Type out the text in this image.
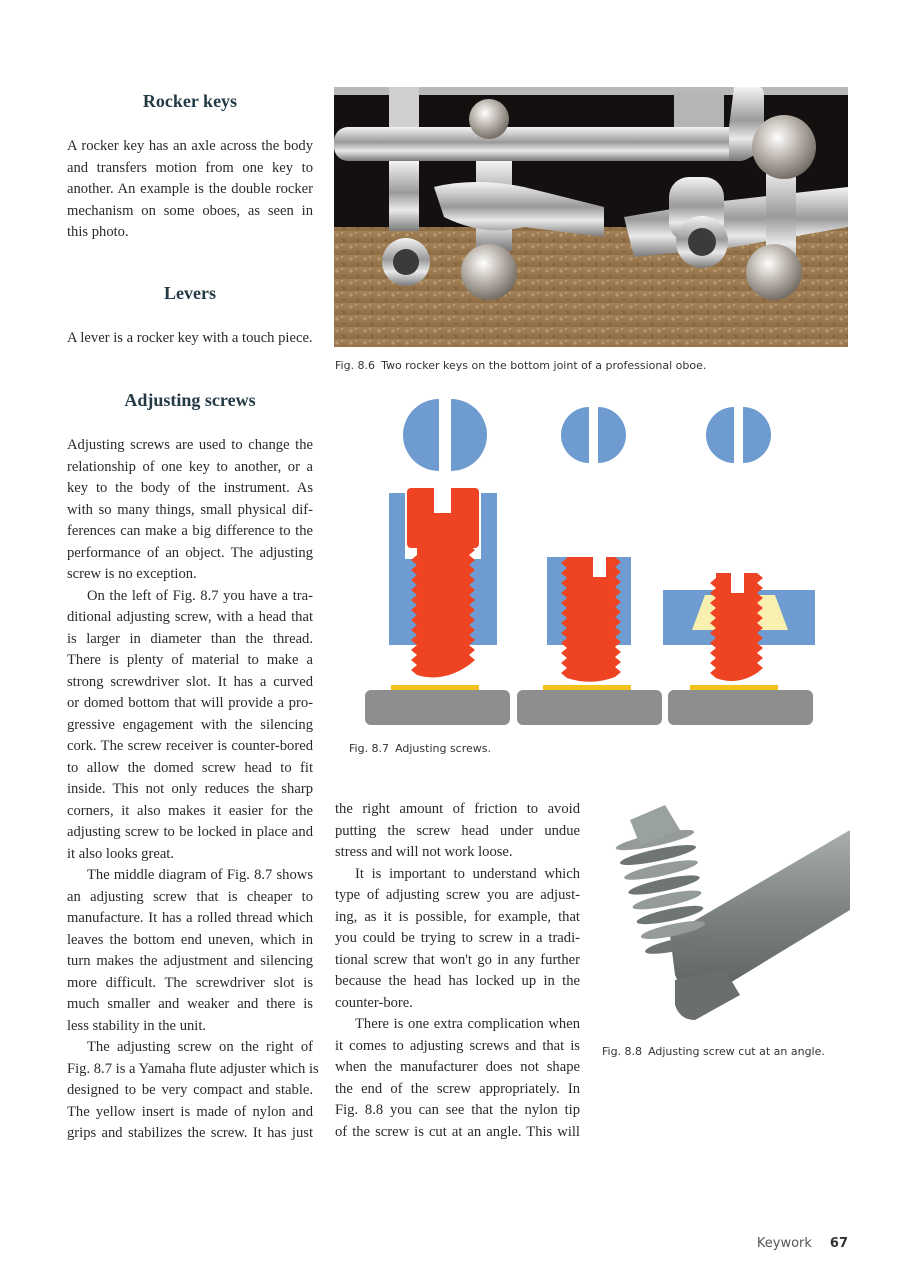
Rocker keys
A rocker key has an axle across the body
and transfers motion from one key to
another. An example is the double rocker
mechanism on some oboes, as seen in
this photo.
Levers
A lever is a rocker key with a touch piece.
Adjusting screws
Adjusting screws are used to change the
relationship of one key to another, or a
key to the body of the instrument. As
with so many things, small physical dif-
ferences can make a big difference to the
performance of an object. The adjusting
screw is no exception.
On the left of Fig. 8.7 you have a tra-
ditional adjusting screw, with a head that
is larger in diameter than the thread.
There is plenty of material to make a
strong screwdriver slot. It has a curved
or domed bottom that will provide a pro-
gressive engagement with the silencing
cork. The screw receiver is counter-bored
to allow the domed screw head to fit
inside. This not only reduces the sharp
corners, it also makes it easier for the
adjusting screw to be locked in place and
it also looks great.
The middle diagram of Fig. 8.7 shows
an adjusting screw that is cheaper to
manufacture. It has a rolled thread which
leaves the bottom end uneven, which in
turn makes the adjustment and silencing
more difficult. The screwdriver slot is
much smaller and weaker and there is
less stability in the unit.
The adjusting screw on the right of
Fig. 8.7 is a Yamaha flute adjuster which is
designed to be very compact and stable.
The yellow insert is made of nylon and
grips and stabilizes the screw. It has just
the right amount of friction to avoid
putting the screw head under undue
stress and will not work loose.
It is important to understand which
type of adjusting screw you are adjust-
ing, as it is possible, for example, that
you could be trying to screw in a tradi-
tional screw that won't go in any further
because the head has locked up in the
counter-bore.
There is one extra complication when
it comes to adjusting screws and that is
when the manufacturer does not shape
the end of the screw appropriately. In
Fig. 8.8 you can see that the nylon tip
of the screw is cut at an angle. This will
Fig. 8.6 Two rocker keys on the bottom joint of a professional oboe.
Fig. 8.7 Adjusting screws.
Fig. 8.8 Adjusting screw cut at an angle.
Keywork 67
